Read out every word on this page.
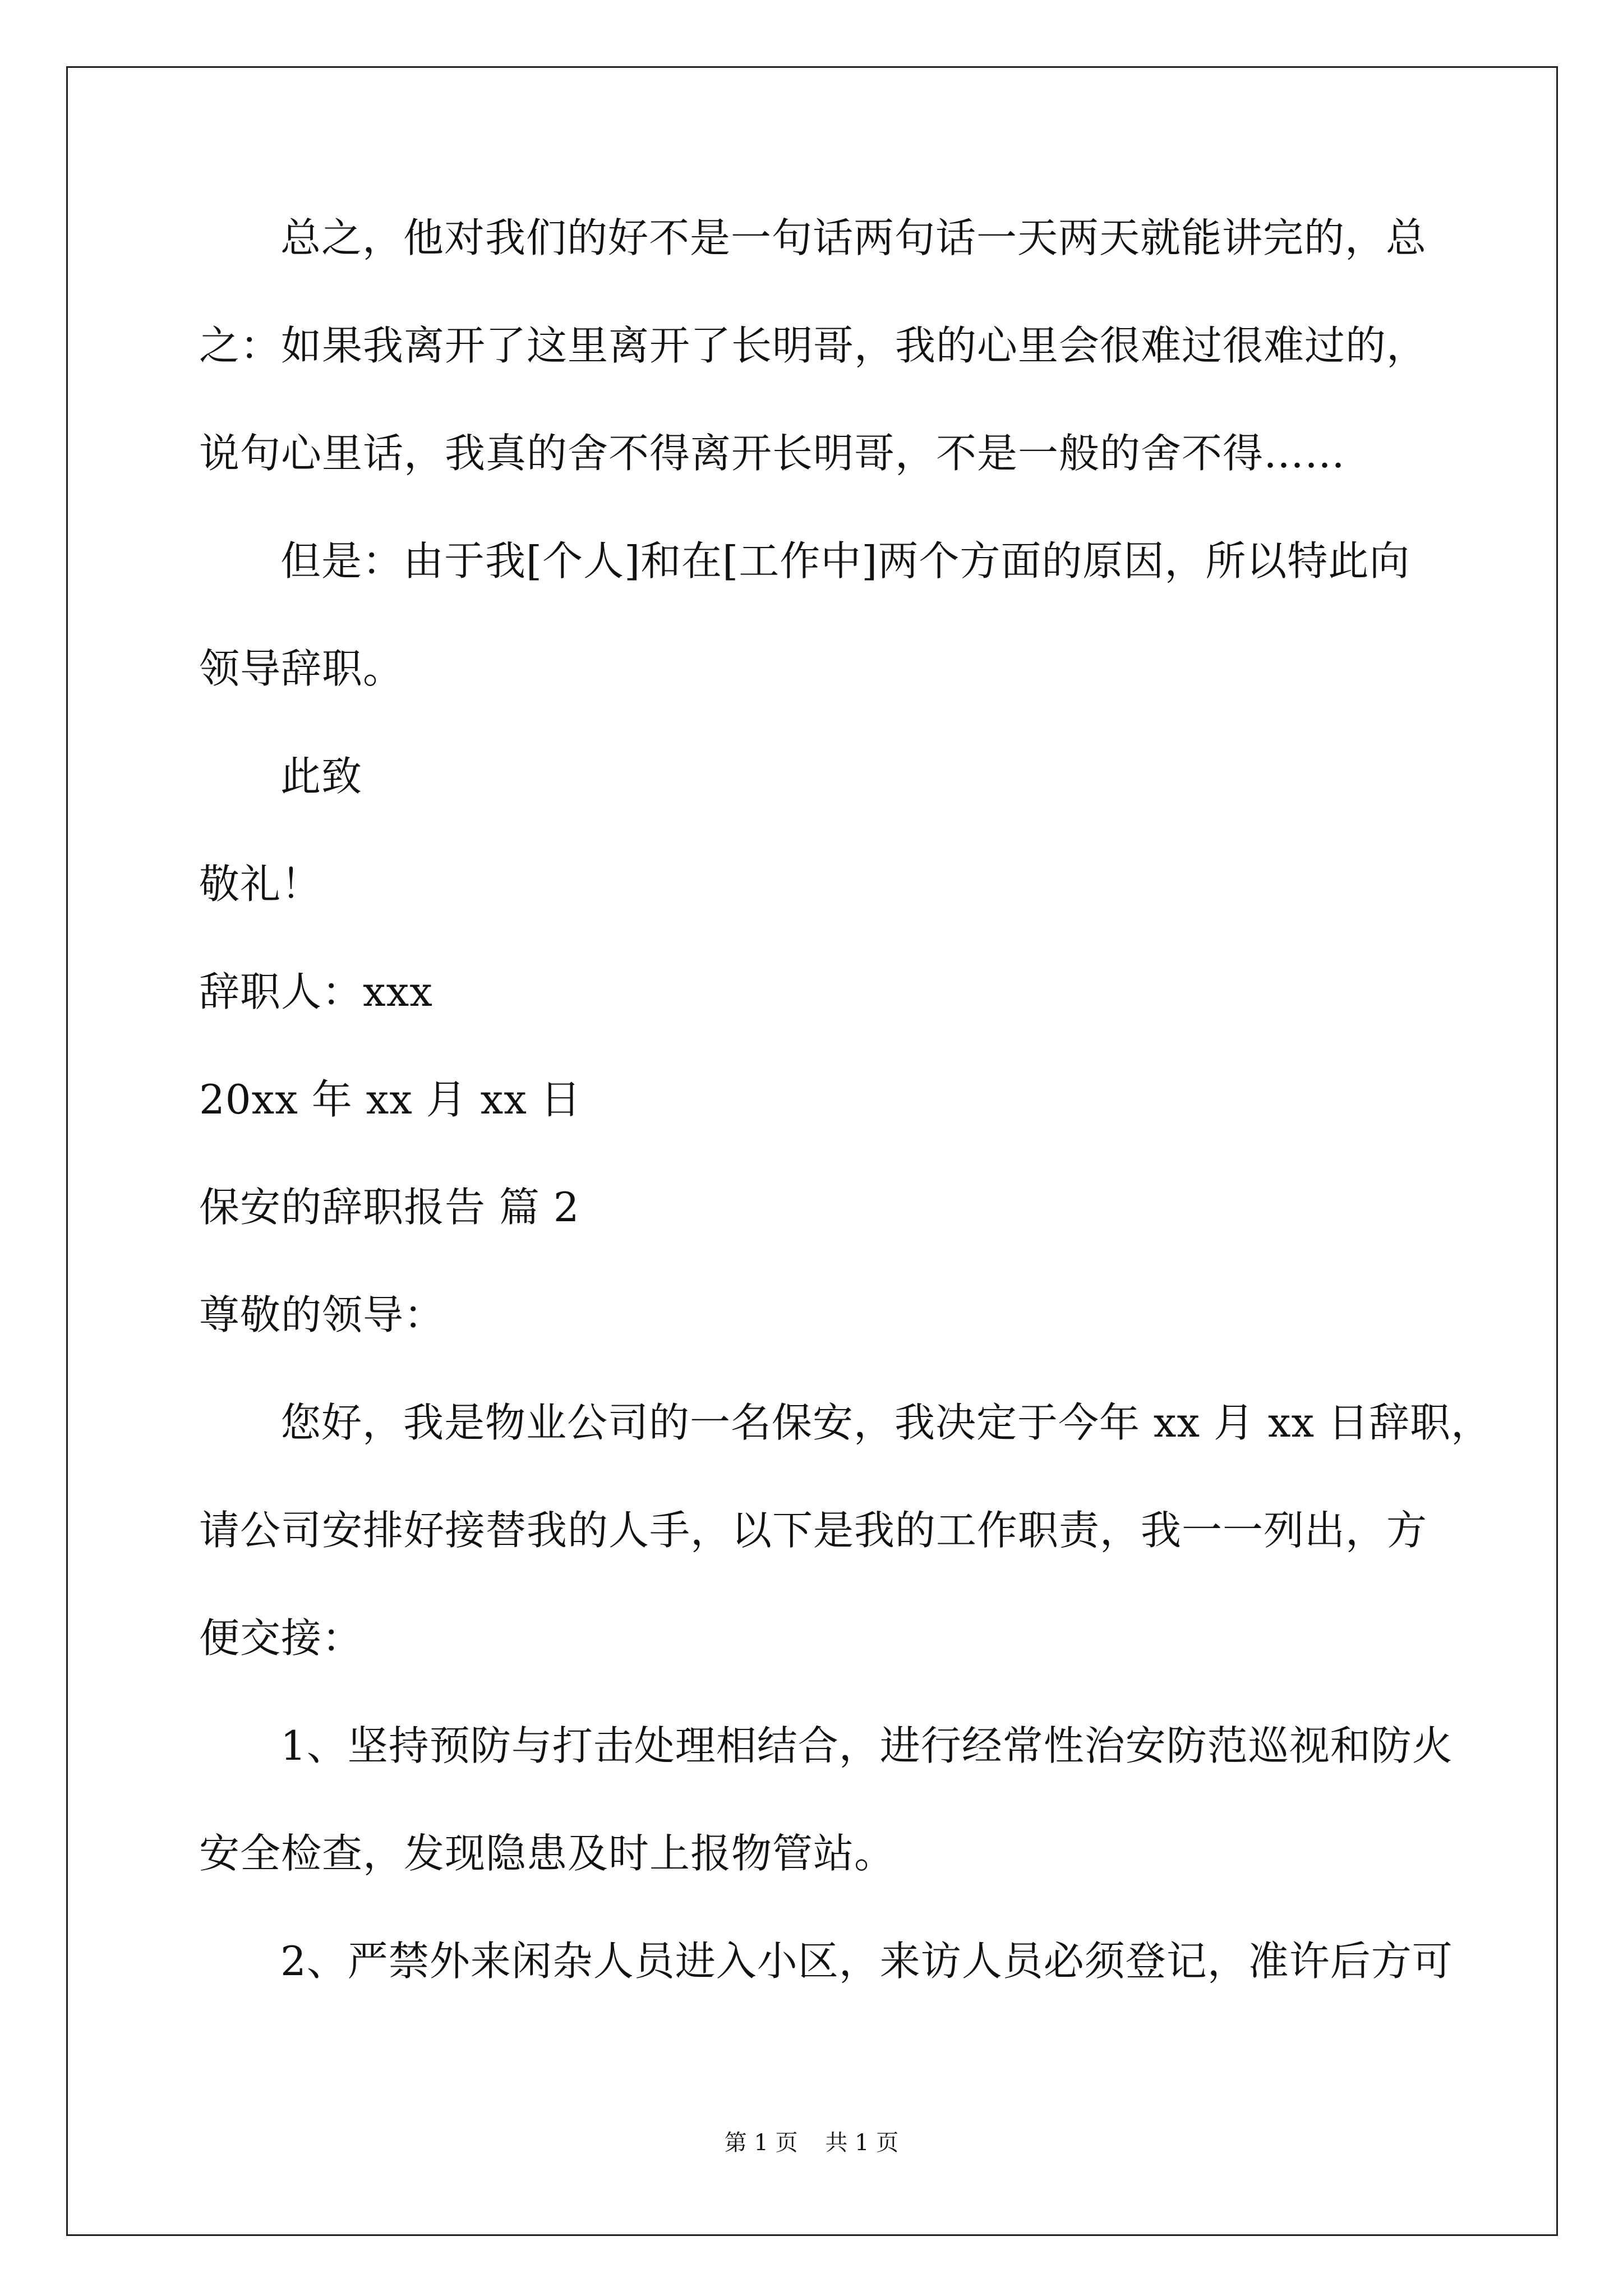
总之，他对我们的好不是一句话两句话一天两天就能讲完的，总
之：如果我离开了这里离开了长明哥，我的心里会很难过很难过的，
说句心里话，我真的舍不得离开长明哥，不是一般的舍不得……
但是：由于我[个人]和在[工作中]两个方面的原因，所以特此向
领导辞职。
此致
敬礼！
辞职人：xxx
20xx 年 xx 月 xx 日
保安的辞职报告 篇 2
尊敬的领导：
您好，我是物业公司的一名保安，我决定于今年 xx 月 xx 日辞职，
请公司安排好接替我的人手，以下是我的工作职责，我一一列出，方
便交接：
1、坚持预防与打击处理相结合，进行经常性治安防范巡视和防火
安全检查，发现隐患及时上报物管站。
2、严禁外来闲杂人员进入小区，来访人员必须登记，准许后方可
第 1 页 共 1 页
